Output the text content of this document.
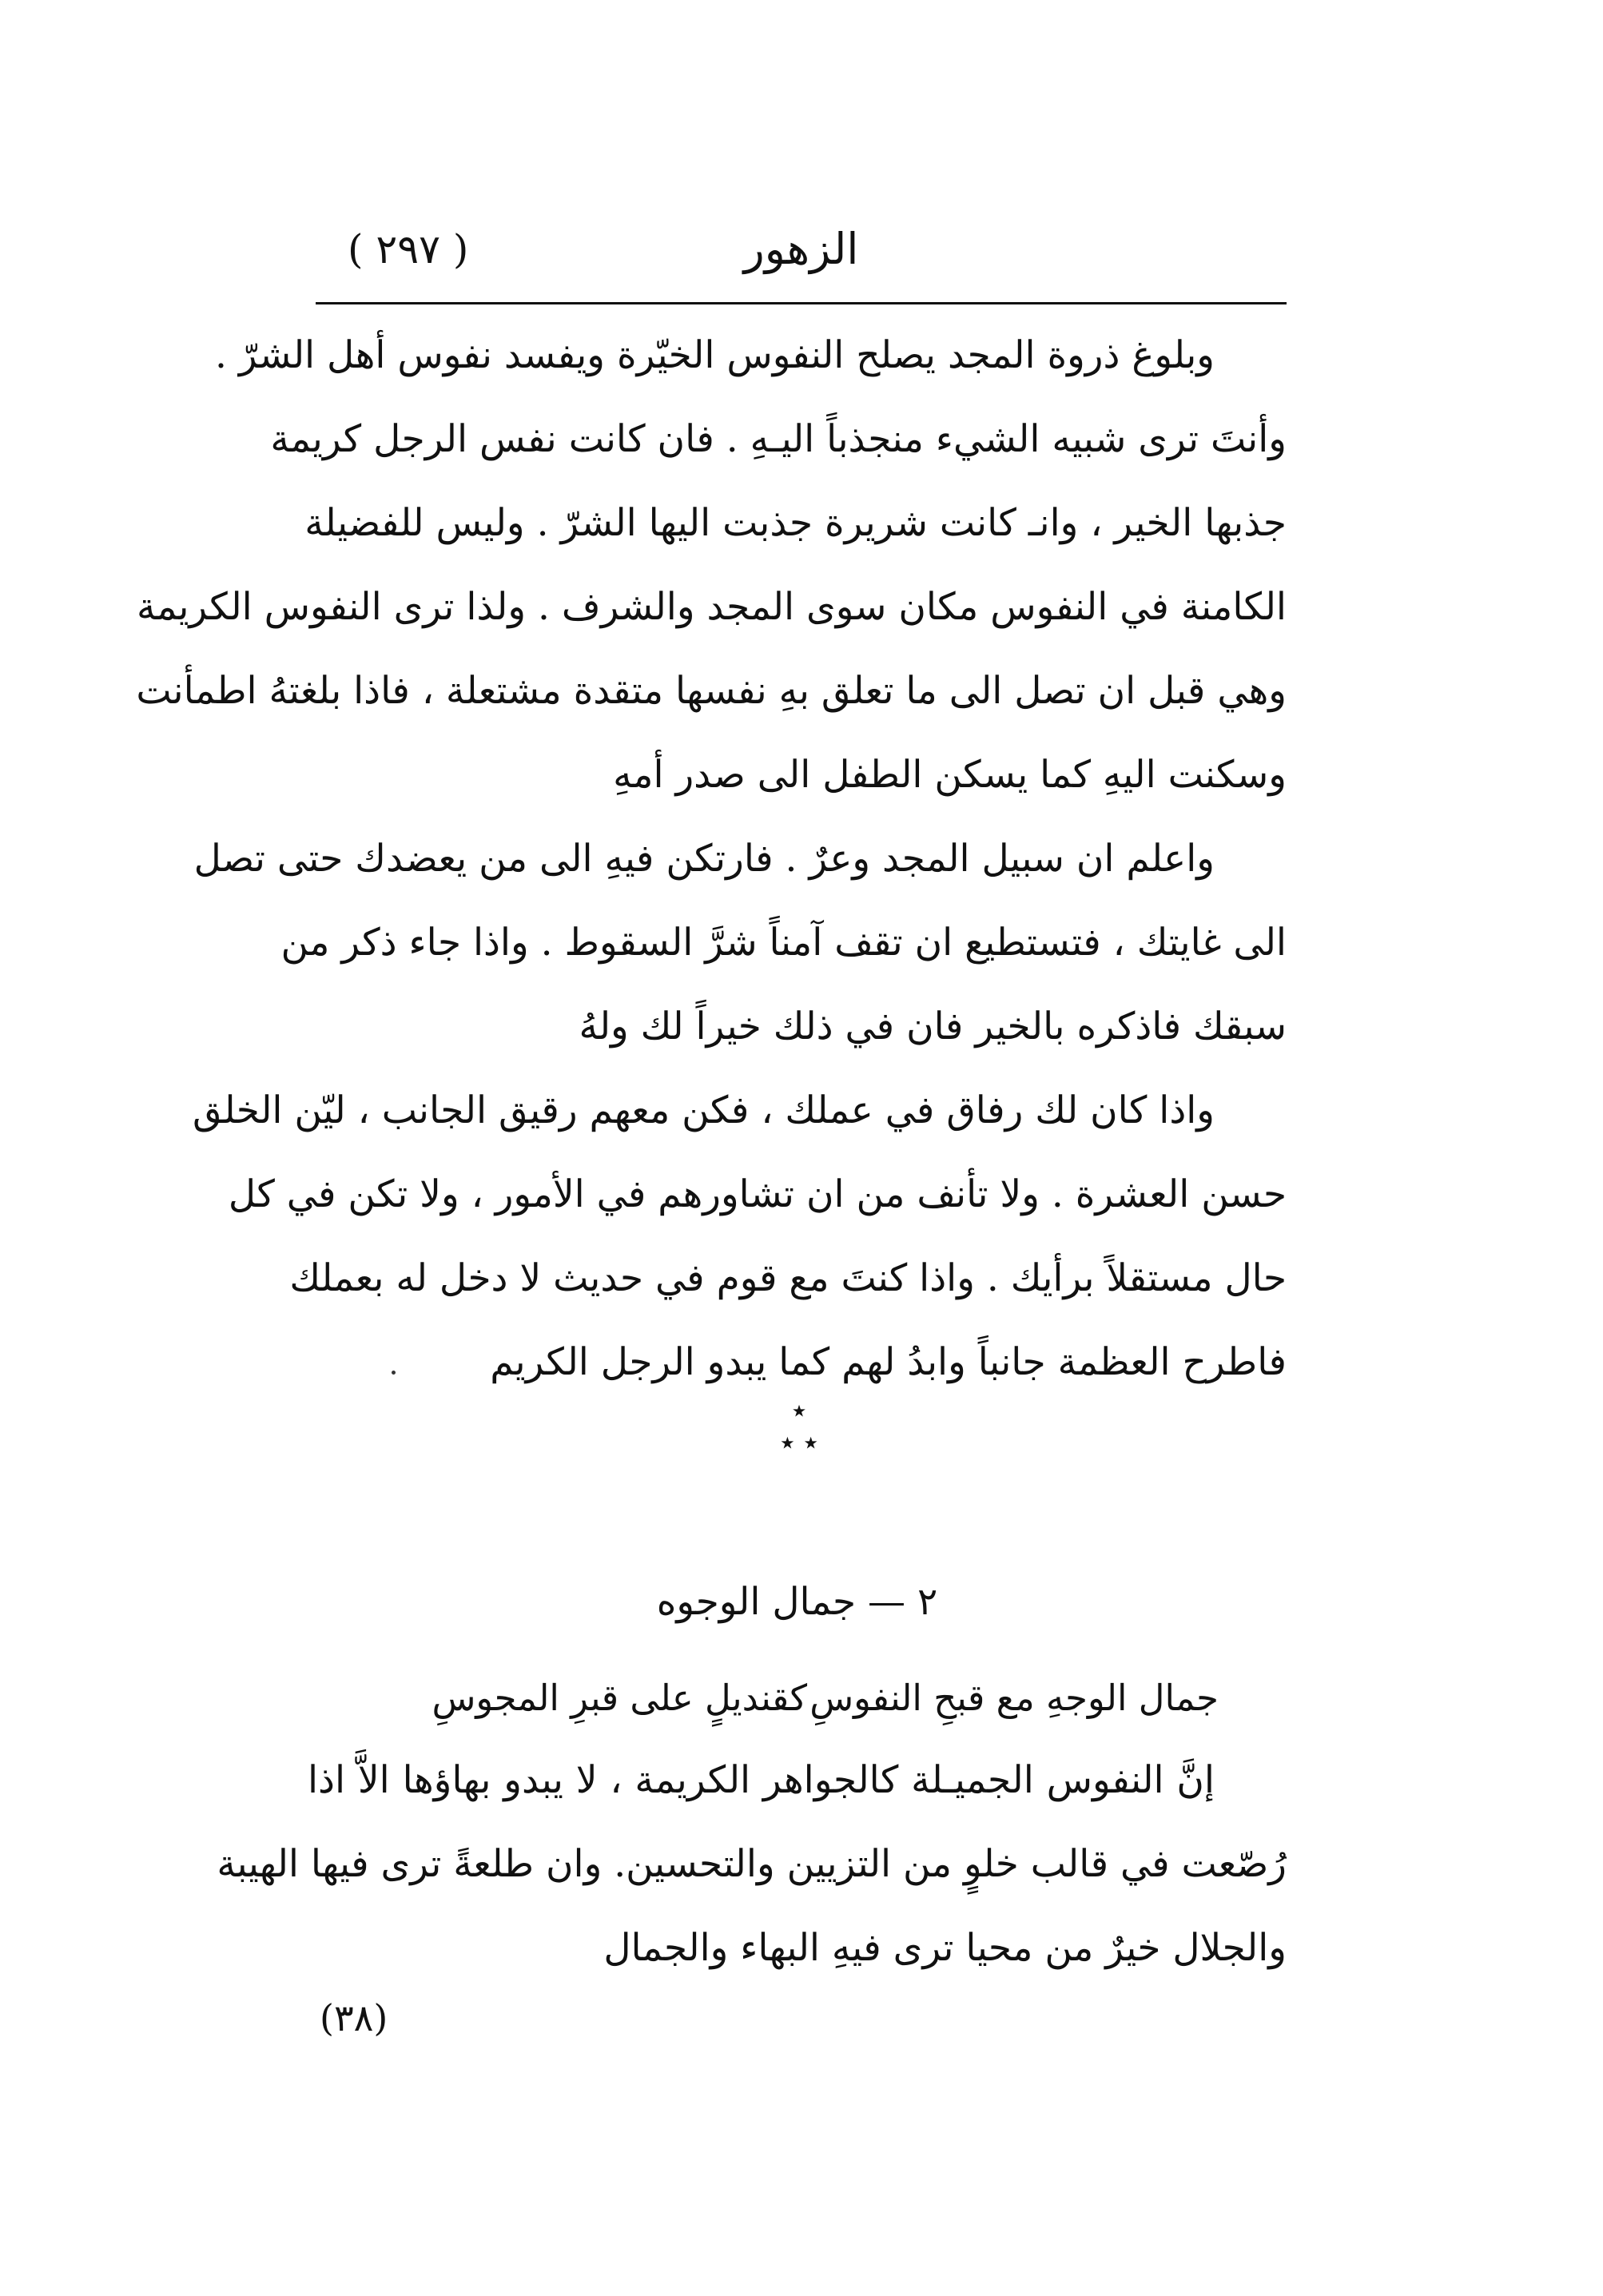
الزهور
( ٢٩٧ )
وبلوغ ذروة المجد يصلح النفوس الخيّرة ويفسد نفوس أهل الشرّ .
وأنتَ ترى شبيه الشيء منجذباً اليـهِ . فان كانت نفس الرجل كريمة
جذبها الخير ، وانـ كانت شريرة جذبت اليها الشرّ . وليس للفضيلة
الكامنة في النفوس مكان سوى المجد والشرف . ولذا ترى النفوس الكريمة
وهي قبل ان تصل الى ما تعلق بهِ نفسها متقدة مشتعلة ، فاذا بلغتهُ اطمأنت
وسكنت اليهِ كما يسكن الطفل الى صدر أمهِ
واعلم ان سبيل المجد وعرٌ . فارتكن فيهِ الى من يعضدك حتى تصل
الى غايتك ، فتستطيع ان تقف آمناً شرَّ السقوط . واذا جاء ذكر من
سبقك فاذكره بالخير فان في ذلك خيراً لك ولهُ
واذا كان لك رفاق في عملك ، فكن معهم رقيق الجانب ، ليّن الخلق
حسن العشرة . ولا تأنف من ان تشاورهم في الأمور ، ولا تكن في كل
حال مستقلاً برأيك . واذا كنتَ مع قوم في حديث لا دخل له بعملك
فاطرح العظمة جانباً وابدُ لهم كما يبدو الرجل الكريم
٭
٭ ٭
٢ — جمال الوجوه
جمال الوجهِ مع قبحِ النفوسِ
كقنديلٍ على قبرِ المجوسِ
إنَّ النفوس الجميـلة كالجواهر الكريمة ، لا يبدو بهاؤها الاَّ اذا
رُصّعت في قالب خلوٍ من التزيين والتحسين. وان طلعةً ترى فيها الهيبة
والجلال خيرٌ من محيا ترى فيهِ البهاء والجمال
(٣٨)
